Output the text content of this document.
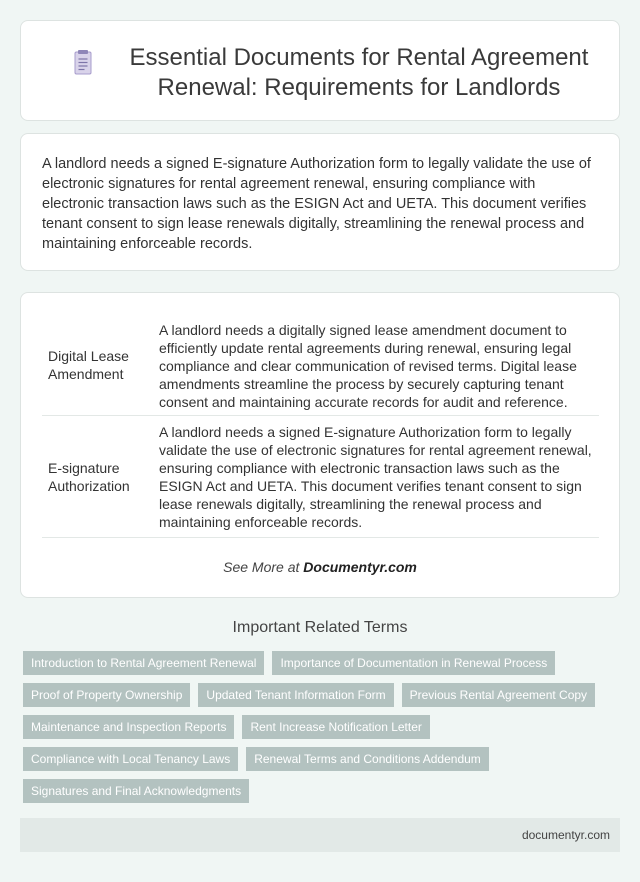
Essential Documents for Rental Agreement Renewal: Requirements for Landlords

A landlord needs a signed E-signature Authorization form to legally validate the use of electronic signatures for rental agreement renewal, ensuring compliance with electronic transaction laws such as the ESIGN Act and UETA. This document verifies tenant consent to sign lease renewals digitally, streamlining the renewal process and maintaining enforceable records.

Digital Lease Amendment
A landlord needs a digitally signed lease amendment document to efficiently update rental agreements during renewal, ensuring legal compliance and clear communication of revised terms. Digital lease amendments streamline the process by securely capturing tenant consent and maintaining accurate records for audit and reference.
E-signature Authorization
A landlord needs a signed E-signature Authorization form to legally validate the use of electronic signatures for rental agreement renewal, ensuring compliance with electronic transaction laws such as the ESIGN Act and UETA. This document verifies tenant consent to sign lease renewals digitally, streamlining the renewal process and maintaining enforceable records.
See More at Documentyr.com
Important Related Terms
Introduction to Rental Agreement Renewal	Importance of Documentation in Renewal Process
Proof of Property Ownership	Updated Tenant Information Form	Previous Rental Agreement Copy
Maintenance and Inspection Reports	Rent Increase Notification Letter
Compliance with Local Tenancy Laws	Renewal Terms and Conditions Addendum
Signatures and Final Acknowledgments
documentyr.com
